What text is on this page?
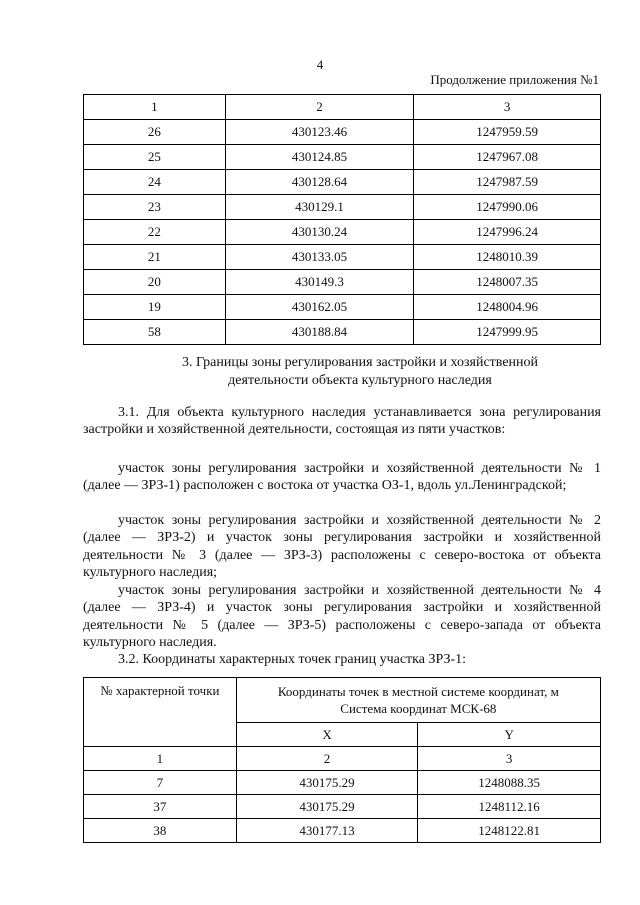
4
Продолжение приложения №1
1	2	3
26	430123.46	1247959.59
25	430124.85	1247967.08
24	430128.64	1247987.59
23	430129.1	1247990.06
22	430130.24	1247996.24
21	430133.05	1248010.39
20	430149.3	1248007.35
19	430162.05	1248004.96
58	430188.84	1247999.95
3. Границы зоны регулирования застройки и хозяйственной
деятельности объекта культурного наследия
3.1. Для объекта культурного наследия устанавливается зона регулирования застройки и хозяйственной деятельности, состоящая из пяти участков:
участок зоны регулирования застройки и хозяйственной деятельности № 1 (далее — ЗРЗ-1) расположен с востока от участка ОЗ-1, вдоль ул.Ленинградской;
участок зоны регулирования застройки и хозяйственной деятельности № 2 (далее — ЗРЗ-2) и участок зоны регулирования застройки и хозяйственной деятельности № 3 (далее — ЗРЗ-3) расположены с северо-востока от объекта культурного наследия;
участок зоны регулирования застройки и хозяйственной деятельности № 4 (далее — ЗРЗ-4) и участок зоны регулирования застройки и хозяйственной деятельности № 5 (далее — ЗРЗ-5) расположены с северо-запада от объекта культурного наследия.
3.2. Координаты характерных точек границ участка ЗРЗ-1:
№ характерной точки	Координаты точек в местной системе координат, м
Система координат МСК-68	

	X	Y
1	2	3
7	430175.29	1248088.35
37	430175.29	1248112.16
38	430177.13	1248122.81
